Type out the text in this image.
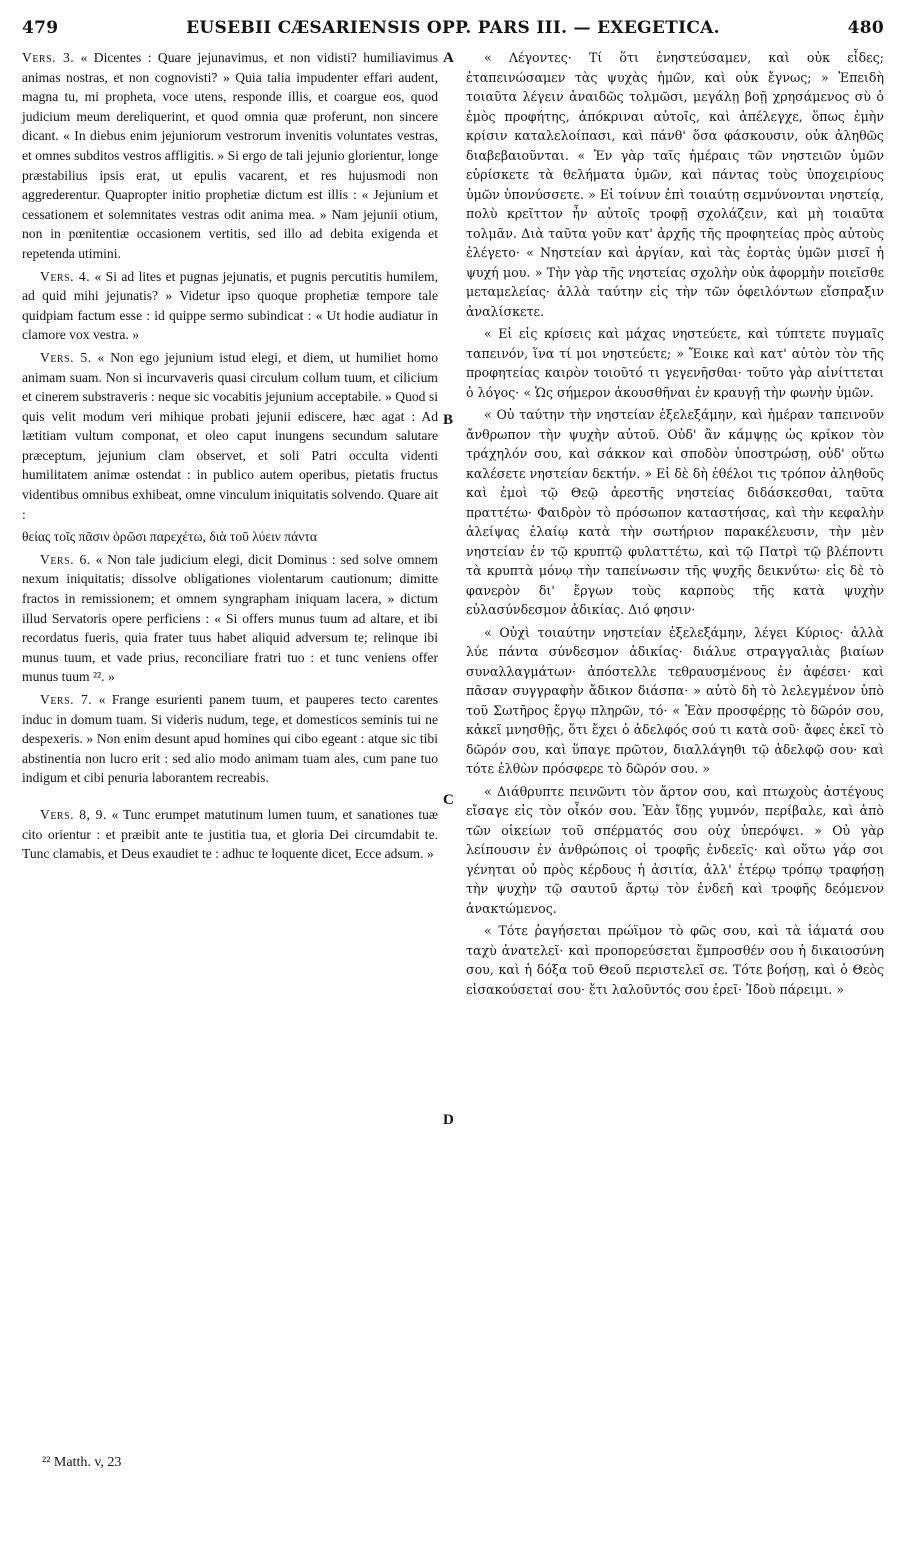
479	EUSEBII CÆSARIENSIS OPP. PARS III. — EXEGETICA.	480

Vers. 3. « Dicentes : Quare jejunavimus, et non vidisti? humiliavimus animas nostras, et non cognovisti? » Quia talia impudenter effari audent, magna tu, mi propheta, voce utens, responde illis, et coargue eos, quod judicium meum dereliquerint, et quod omnia quæ proferunt, non sincere dicant. « In diebus enim jejuniorum vestrorum invenitis voluntates vestras, et omnes subditos vestros affligitis. » Si ergo de tali jejunio glorientur, longe præstabilius ipsis erat, ut epulis vacarent, et res hujusmodi non aggrederentur. Quapropter initio prophetiæ dictum est illis : « Jejunium et cessationem et solemnitates vestras odit anima mea. » Nam jejunii otium, non in pœnitentiæ occasionem vertitis, sed illo ad debita exigenda et repetenda utimini.

Vers. 4. « Si ad lites et pugnas jejunatis, et pugnis percutitis humilem, ad quid mihi jejunatis? » Videtur ipso quoque prophetiæ tempore tale quidpiam factum esse : id quippe sermo subindicat : « Ut hodie audiatur in clamore vox vestra. »

Vers. 5. « Non ego jejunium istud elegi, et diem, ut humiliet homo animam suam. Non si incurvaveris quasi circulum collum tuum, et cilicium et cinerem substraveris : neque sic vocabitis jejunium acceptabile. » Quod si quis velit modum veri mihique probati jejunii ediscere, hæc agat : Ad lætitiam vultum componat, et oleo caput inungens secundum salutare præceptum, jejunium clam observet, et soli Patri occulta videnti humilitatem animæ ostendat : in publico autem operibus, pietatis fructus videntibus omnibus exhibeat, omne vinculum iniquitatis solvendo. Quare ait :

θείας τοῖς πᾶσιν ὁρῶσι παρεχέτω, διὰ τοῦ λύειν πάντα

Vers. 6. « Non tale judicium elegi, dicit Dominus : sed solve omnem nexum iniquitatis; dissolve obligationes violentarum cautionum; dimitte fractos in remissionem; et omnem syngrapham iniquam lacera, » dictum illud Servatoris opere perficiens : « Si offers munus tuum ad altare, et ibi recordatus fueris, quia frater tuus habet aliquid adversum te; relinque ibi munus tuum, et vade prius, reconciliare fratri tuo : et tunc veniens offer munus tuum ²². »

Vers. 7. « Frange esurienti panem tuum, et pauperes tecto carentes induc in domum tuam. Si videris nudum, tege, et domesticos seminis tui ne despexeris. » Non enim desunt apud homines qui cibo egeant : atque sic tibi abstinentia non lucro erit : sed alio modo animam tuam ales, cum pane tuo indigum et cibi penuria laborantem recreabis.

Vers. 8, 9. « Tunc erumpet matutinum lumen tuum, et sanationes tuæ cito orientur : et præibit ante te justitia tua, et gloria Dei circumdabit te. Tunc clamabis, et Deus exaudiet te : adhuc te loquente dicet, Ecce adsum. »

« Λέγοντες· Τί ὅτι ἐνηστεύσαμεν, καὶ οὐκ εἶδες; ἐταπεινώσαμεν τὰς ψυχὰς ἡμῶν, καὶ οὐκ ἔγνως; » Ἐπειδὴ τοιαῦτα λέγειν ἀναιδῶς τολμῶσι, μεγάλῃ βοῇ χρησάμενος σὺ ὁ ἐμὸς προφήτης, ἀπόκριναι αὐτοῖς, καὶ ἀπέλεγχε, ὅπως ἐμὴν κρίσιν καταλελοίπασι, καὶ πάνθ' ὅσα φάσκουσιν, οὐκ ἀληθῶς διαβεβαιοῦνται. « Ἐν γὰρ ταῖς ἡμέραις τῶν νηστειῶν ὑμῶν εὑρίσκετε τὰ θελήματα ὑμῶν, καὶ πάντας τοὺς ὑποχειρίους ὑμῶν ὑπονύσσετε. » Εἰ τοίνυν ἐπὶ τοιαύτῃ σεμνύνονται νηστείᾳ, πολὺ κρεῖττον ἦν αὐτοῖς τροφῇ σχολάζειν, καὶ μὴ τοιαῦτα τολμᾶν. Διὰ ταῦτα γοῦν κατ' ἀρχῆς τῆς προφητείας πρὸς αὐτοὺς ἐλέγετο· « Νηστείαν καὶ ἀργίαν, καὶ τὰς ἑορτὰς ὑμῶν μισεῖ ἡ ψυχή μου. » Τὴν γὰρ τῆς νηστείας σχολὴν οὐκ ἀφορμὴν ποιεῖσθε μεταμελείας· ἀλλὰ ταύτην εἰς τὴν τῶν ὀφειλόντων εἴσπραξιν ἀναλίσκετε.

« Εἰ εἰς κρίσεις καὶ μάχας νηστεύετε, καὶ τύπτετε πυγμαῖς ταπεινόν, ἵνα τί μοι νηστεύετε; » Ἔοικε καὶ κατ' αὐτὸν τὸν τῆς προφητείας καιρὸν τοιοῦτό τι γεγενῆσθαι· τοῦτο γὰρ αἰνίττεται ὁ λόγος· « Ὡς σήμερον ἀκουσθῆναι ἐν κραυγῇ τὴν φωνὴν ὑμῶν.

« Οὐ ταύτην τὴν νηστείαν ἐξελεξάμην, καὶ ἡμέραν ταπεινοῦν ἄνθρωπον τὴν ψυχὴν αὐτοῦ. Οὐδ' ἂν κάμψῃς ὡς κρίκον τὸν τράχηλόν σου, καὶ σάκκον καὶ σποδὸν ὑποστρώσῃ, οὐδ' οὕτω καλέσετε νηστείαν δεκτήν. » Εἰ δὲ δὴ ἐθέλοι τις τρόπον ἀληθοῦς καὶ ἐμοὶ τῷ Θεῷ ἀρεστῆς νηστείας διδάσκεσθαι, ταῦτα πραττέτω· Φαιδρὸν τὸ πρόσωπον καταστήσας, καὶ τὴν κεφαλὴν ἀλείψας ἐλαίῳ κατὰ τὴν σωτήριον παρακέλευσιν, τὴν μὲν νηστείαν ἐν τῷ κρυπτῷ φυλαττέτω, καὶ τῷ Πατρὶ τῷ βλέποντι τὰ κρυπτὰ μόνῳ τὴν ταπείνωσιν τῆς ψυχῆς δεικνύτω· εἰς δὲ τὸ φανερὸν δι' ἔργων τοὺς καρποὺς τῆς κατὰ ψυχὴν εὐλασύνδεσμον ἀδικίας. Διό φησιν·

« Οὐχὶ τοιαύτην νηστείαν ἐξελεξάμην, λέγει Κύριος· ἀλλὰ λύε πάντα σύνδεσμον ἀδικίας· διάλυε στραγγαλιὰς βιαίων συναλλαγμάτων· ἀπόστελλε τεθραυσμένους ἐν ἀφέσει· καὶ πᾶσαν συγγραφὴν ἄδικον διάσπα· » αὐτὸ δὴ τὸ λελεγμένον ὑπὸ τοῦ Σωτῆρος ἔργῳ πληρῶν, τό· « Ἐὰν προσφέρῃς τὸ δῶρόν σου, κἀκεῖ μνησθῇς, ὅτι ἔχει ὁ ἀδελφός σού τι κατὰ σοῦ· ἄφες ἐκεῖ τὸ δῶρόν σου, καὶ ὕπαγε πρῶτον, διαλλάγηθι τῷ ἀδελφῷ σου· καὶ τότε ἐλθὼν πρόσφερε τὸ δῶρόν σου. »

« Διάθρυπτε πεινῶντι τὸν ἄρτον σου, καὶ πτωχοὺς ἀστέγους εἴσαγε εἰς τὸν οἶκόν σου. Ἐὰν ἴδῃς γυμνόν, περίβαλε, καὶ ἀπὸ τῶν οἰκείων τοῦ σπέρματός σου οὐχ ὑπερόψει. » Οὐ γὰρ λείπουσιν ἐν ἀνθρώποις οἱ τροφῆς ἐνδεεῖς· καὶ οὕτω γάρ σοι γένηται οὐ πρὸς κέρδους ἡ ἀσιτία, ἀλλ' ἑτέρῳ τρόπῳ τραφήσῃ τὴν ψυχὴν τῷ σαυτοῦ ἄρτῳ τὸν ἐνδεῆ καὶ τροφῆς δεόμενον ἀνακτώμενος.

« Τότε ῥαγήσεται πρώϊμον τὸ φῶς σου, καὶ τὰ ἰάματά σου ταχὺ ἀνατελεῖ· καὶ προπορεύσεται ἔμπροσθέν σου ἡ δικαιοσύνη σου, καὶ ἡ δόξα τοῦ Θεοῦ περιστελεῖ σε. Τότε βοήσῃ, καὶ ὁ Θεὸς εἰσακούσεταί σου· ἔτι λαλοῦντός σου ἐρεῖ· Ἰδοὺ πάρειμι. »

A
B
C
D
²² Matth. v, 23
